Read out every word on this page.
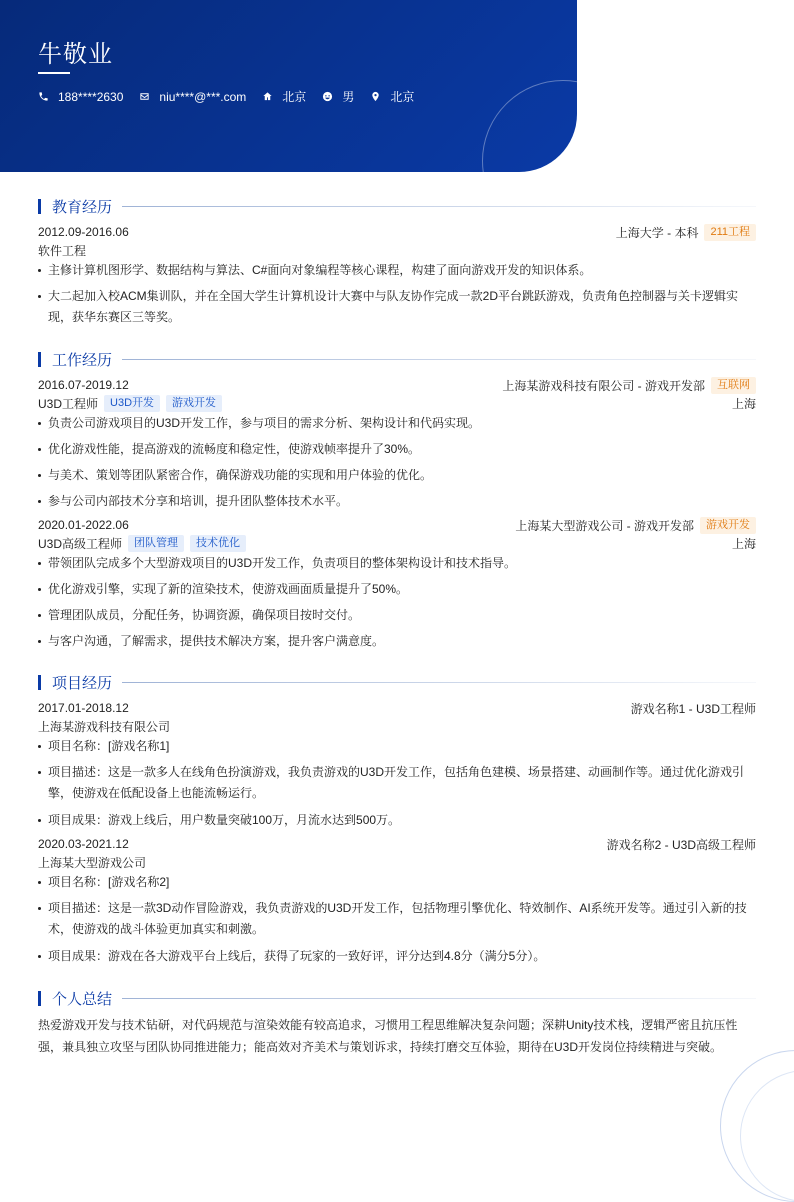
牛敬业
188****2630	niu****@***.com	北京	男	北京
教育经历
2012.09-2016.06	上海大学 - 本科	211工程
软件工程
主修计算机图形学、数据结构与算法、C#面向对象编程等核心课程，构建了面向游戏开发的知识体系。
大二起加入校ACM集训队，并在全国大学生计算机设计大赛中与队友协作完成一款2D平台跳跃游戏，负责角色控制器与关卡逻辑实现，获华东赛区三等奖。
工作经历
2016.07-2019.12	上海某游戏科技有限公司 - 游戏开发部	互联网
U3D工程师	U3D开发	游戏开发	上海
负责公司游戏项目的U3D开发工作，参与项目的需求分析、架构设计和代码实现。
优化游戏性能，提高游戏的流畅度和稳定性，使游戏帧率提升了30%。
与美术、策划等团队紧密合作，确保游戏功能的实现和用户体验的优化。
参与公司内部技术分享和培训，提升团队整体技术水平。
2020.01-2022.06	上海某大型游戏公司 - 游戏开发部	游戏开发
U3D高级工程师	团队管理	技术优化	上海
带领团队完成多个大型游戏项目的U3D开发工作，负责项目的整体架构设计和技术指导。
优化游戏引擎，实现了新的渲染技术，使游戏画面质量提升了50%。
管理团队成员，分配任务，协调资源，确保项目按时交付。
与客户沟通，了解需求，提供技术解决方案，提升客户满意度。
项目经历
2017.01-2018.12	游戏名称1 - U3D工程师
上海某游戏科技有限公司
项目名称：[游戏名称1]
项目描述：这是一款多人在线角色扮演游戏，我负责游戏的U3D开发工作，包括角色建模、场景搭建、动画制作等。通过优化游戏引擎，使游戏在低配设备上也能流畅运行。
项目成果：游戏上线后，用户数量突破100万，月流水达到500万。
2020.03-2021.12	游戏名称2 - U3D高级工程师
上海某大型游戏公司
项目名称：[游戏名称2]
项目描述：这是一款3D动作冒险游戏，我负责游戏的U3D开发工作，包括物理引擎优化、特效制作、AI系统开发等。通过引入新的技术，使游戏的战斗体验更加真实和刺激。
项目成果：游戏在各大游戏平台上线后，获得了玩家的一致好评，评分达到4.8分（满分5分）。
个人总结
热爱游戏开发与技术钻研，对代码规范与渲染效能有较高追求，习惯用工程思维解决复杂问题；深耕Unity技术栈，逻辑严密且抗压性强，兼具独立攻坚与团队协同推进能力；能高效对齐美术与策划诉求，持续打磨交互体验，期待在U3D开发岗位持续精进与突破。
